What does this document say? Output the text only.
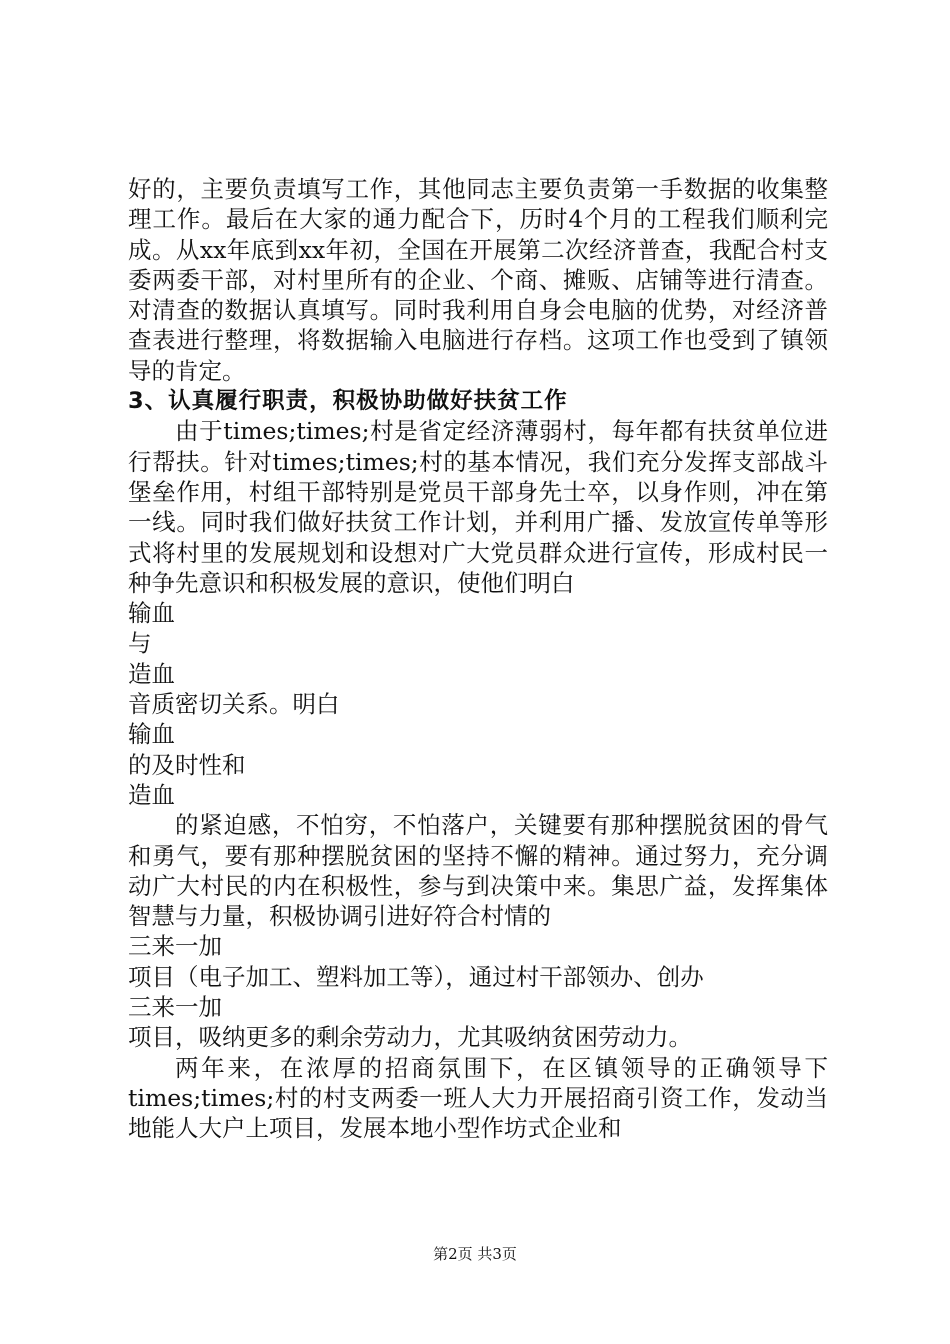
好的，主要负责填写工作，其他同志主要负责第一手数据的收集整理工作。最后在大家的通力配合下，历时4个月的工程我们顺利完成。从xx年底到xx年初，全国在开展第二次经济普查，我配合村支委两委干部，对村里所有的企业、个商、摊贩、店铺等进行清查。对清查的数据认真填写。同时我利用自身会电脑的优势，对经济普查表进行整理，将数据输入电脑进行存档。这项工作也受到了镇领导的肯定。

3、认真履行职责，积极协助做好扶贫工作

由于times;times;村是省定经济薄弱村，每年都有扶贫单位进行帮扶。针对times;times;村的基本情况，我们充分发挥支部战斗堡垒作用，村组干部特别是党员干部身先士卒，以身作则，冲在第一线。同时我们做好扶贫工作计划，并利用广播、发放宣传单等形式将村里的发展规划和设想对广大党员群众进行宣传，形成村民一种争先意识和积极发展的意识，使他们明白

输血

与

造血

音质密切关系。明白

输血

的及时性和

造血

的紧迫感，不怕穷，不怕落户，关键要有那种摆脱贫困的骨气和勇气，要有那种摆脱贫困的坚持不懈的精神。通过努力，充分调动广大村民的内在积极性，参与到决策中来。集思广益，发挥集体智慧与力量，积极协调引进好符合村情的

三来一加

项目（电子加工、塑料加工等），通过村干部领办、创办

三来一加

项目，吸纳更多的剩余劳动力，尤其吸纳贫困劳动力。

两年来，在浓厚的招商氛围下，在区镇领导的正确领导下times;times;村的村支两委一班人大力开展招商引资工作，发动当地能人大户上项目，发展本地小型作坊式企业和

第2页 共3页
